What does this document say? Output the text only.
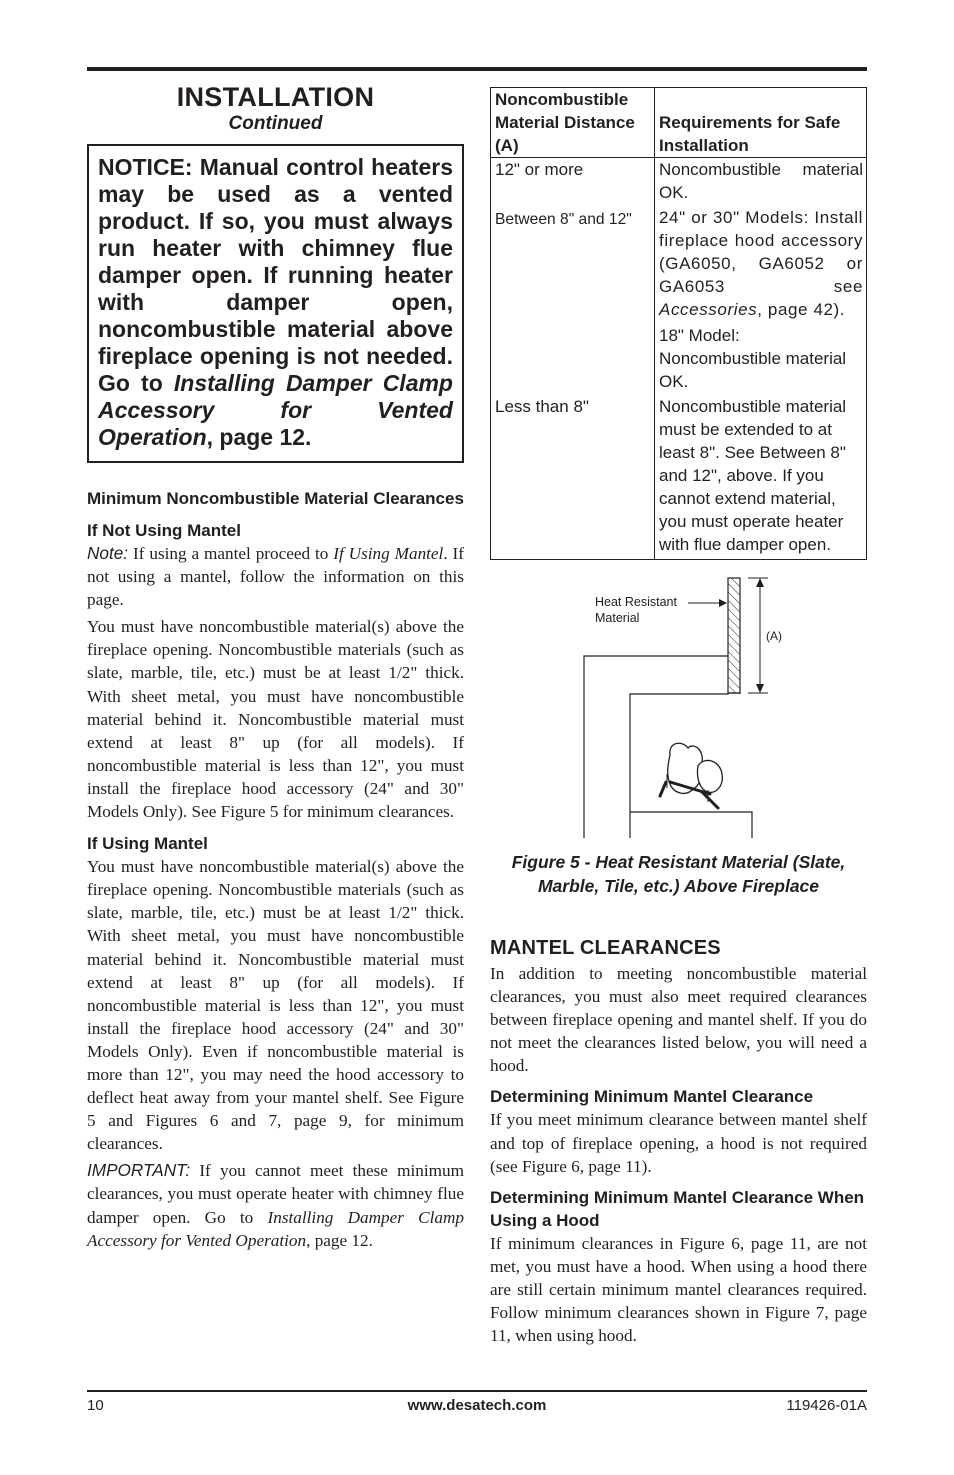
INSTALLATION
Continued
NOTICE: Manual control heaters may be used as a vented product. If so, you must always run heater with chimney flue damper open. If running heater with damper open, noncombustible material above fireplace opening is not needed. Go to Installing Damper Clamp Accessory for Vented Operation, page 12.
Minimum Noncombustible Material Clearances
If Not Using Mantel

Note: If using a mantel proceed to If Using Mantel. If not using a mantel, follow the information on this page.

You must have noncombustible material(s) above the fireplace opening. Noncombustible materials (such as slate, marble, tile, etc.) must be at least 1/2" thick. With sheet metal, you must have noncombustible material behind it. Noncombustible material must extend at least 8" up (for all models). If noncombustible material is less than 12", you must install the fireplace hood accessory (24" and 30" Models Only). See Figure 5 for minimum clearances.

If Using Mantel

You must have noncombustible material(s) above the fireplace opening. Noncombustible materials (such as slate, marble, tile, etc.) must be at least 1/2" thick. With sheet metal, you must have noncombustible material behind it. Noncombustible material must extend at least 8" up (for all models). If noncombustible material is less than 12", you must install the fireplace hood accessory (24" and 30" Models Only). Even if noncombustible material is more than 12", you may need the hood accessory to deflect heat away from your mantel shelf. See Figure 5 and Figures 6 and 7, page 9, for minimum clearances.

IMPORTANT: If you cannot meet these minimum clearances, you must operate heater with chimney flue damper open. Go to Installing Damper Clamp Accessory for Vented Operation, page 12.

Noncombustible Material Distance (A)	Requirements for Safe Installation
12" or more	Noncombustible material OK.
Between 8" and 12"	24" or 30" Models: Install fireplace hood accessory (GA6050, GA6052 or GA6053 see Accessories, page 42).
18" Model: Noncombustible material OK.

Less than 8"	Noncombustible material must be extended to at least 8". See Between 8" and 12", above. If you cannot extend material, you must operate heater with flue damper open.
(A)
Heat Resistant
Material
Figure 5 - Heat Resistant Material (Slate, Marble, Tile, etc.) Above Fireplace
MANTEL CLEARANCES

In addition to meeting noncombustible material clearances, you must also meet required clearances between fireplace opening and mantel shelf. If you do not meet the clearances listed below, you will need a hood.

Determining Minimum Mantel Clearance

If you meet minimum clearance between mantel shelf and top of fireplace opening, a hood is not required (see Figure 6, page 11).

Determining Minimum Mantel Clearance When Using a Hood

If minimum clearances in Figure 6, page 11, are not met, you must have a hood. When using a hood there are still certain minimum mantel clearances required. Follow minimum clearances shown in Figure 7, page 11, when using hood.

10	www.desatech.com	119426-01A
